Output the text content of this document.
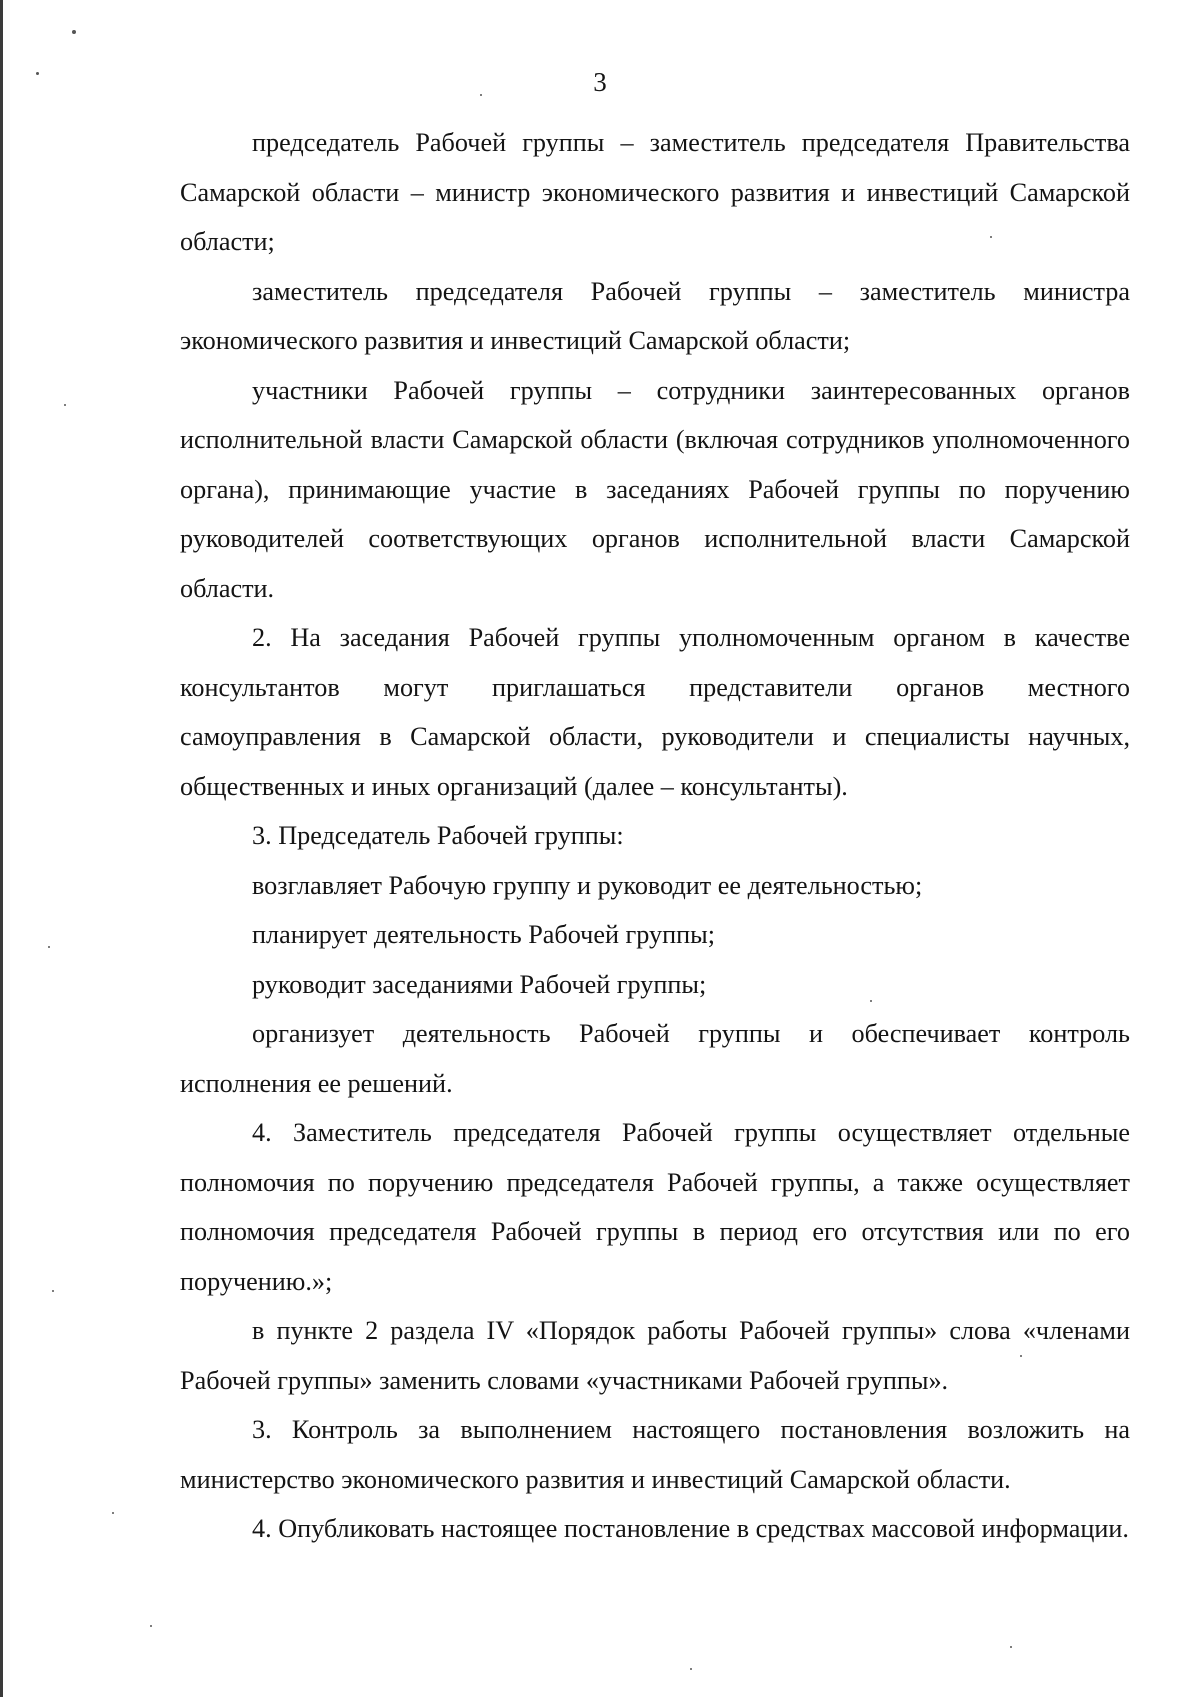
3

председатель Рабочей группы – заместитель председателя Правительства Самарской области – министр экономического развития и инвестиций Самарской области;

заместитель председателя Рабочей группы – заместитель министра экономического развития и инвестиций Самарской области;

участники Рабочей группы – сотрудники заинтересованных органов исполнительной власти Самарской области (включая сотрудников уполномоченного органа), принимающие участие в заседаниях Рабочей группы по поручению руководителей соответствующих органов исполнительной власти Самарской области.

2. На заседания Рабочей группы уполномоченным органом в качестве консультантов могут приглашаться представители органов местного самоуправления в Самарской области, руководители и специалисты научных, общественных и иных организаций (далее – консультанты).

3. Председатель Рабочей группы:

возглавляет Рабочую группу и руководит ее деятельностью;

планирует деятельность Рабочей группы;

руководит заседаниями Рабочей группы;

организует деятельность Рабочей группы и обеспечивает контроль исполнения ее решений.

4. Заместитель председателя Рабочей группы осуществляет отдельные полномочия по поручению председателя Рабочей группы, а также осуществляет полномочия председателя Рабочей группы в период его отсутствия или по его поручению.»;

в пункте 2 раздела IV «Порядок работы Рабочей группы» слова «членами Рабочей группы» заменить словами «участниками Рабочей группы».

3. Контроль за выполнением настоящего постановления возложить на министерство экономического развития и инвестиций Самарской области.

4. Опубликовать настоящее постановление в средствах массовой информации.
